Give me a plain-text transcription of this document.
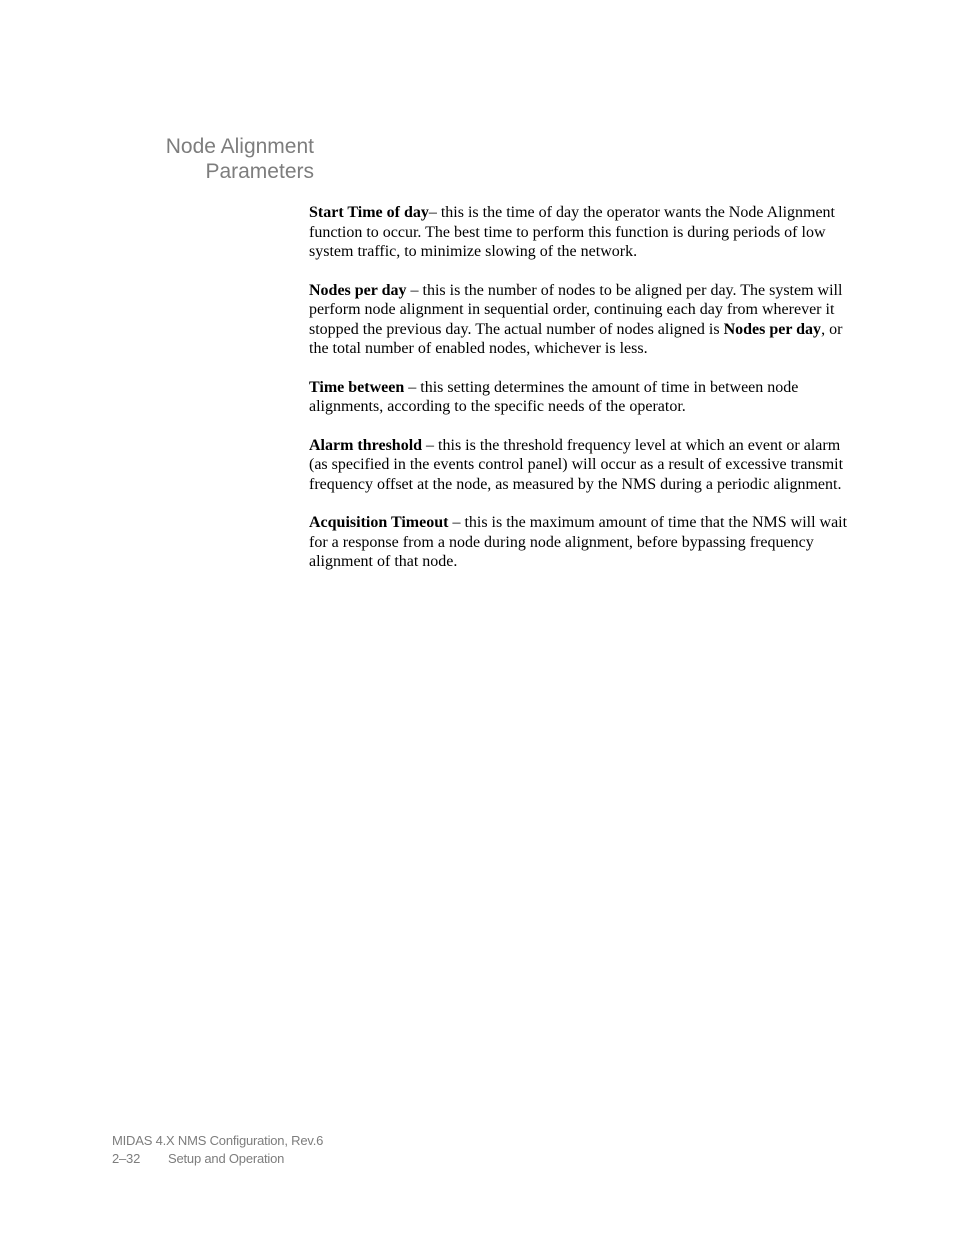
Node Alignment
Parameters

Start Time of day– this is the time of day the operator wants the Node Alignment function to occur. The best time to perform this function is during periods of low system traffic, to minimize slowing of the network.

Nodes per day – this is the number of nodes to be aligned per day. The system will perform node alignment in sequential order, continuing each day from wherever it stopped the previous day. The actual number of nodes aligned is Nodes per day, or the total number of enabled nodes, whichever is less.

Time between – this setting determines the amount of time in between node alignments, according to the specific needs of the operator.

Alarm threshold – this is the threshold frequency level at which an event or alarm (as specified in the events control panel) will occur as a result of excessive transmit frequency offset at the node, as measured by the NMS during a periodic alignment.

Acquisition Timeout – this is the maximum amount of time that the NMS will wait for a response from a node during node alignment, before bypassing frequency alignment of that node.

MIDAS 4.X NMS Configuration, Rev.6
2–32 Setup and Operation
